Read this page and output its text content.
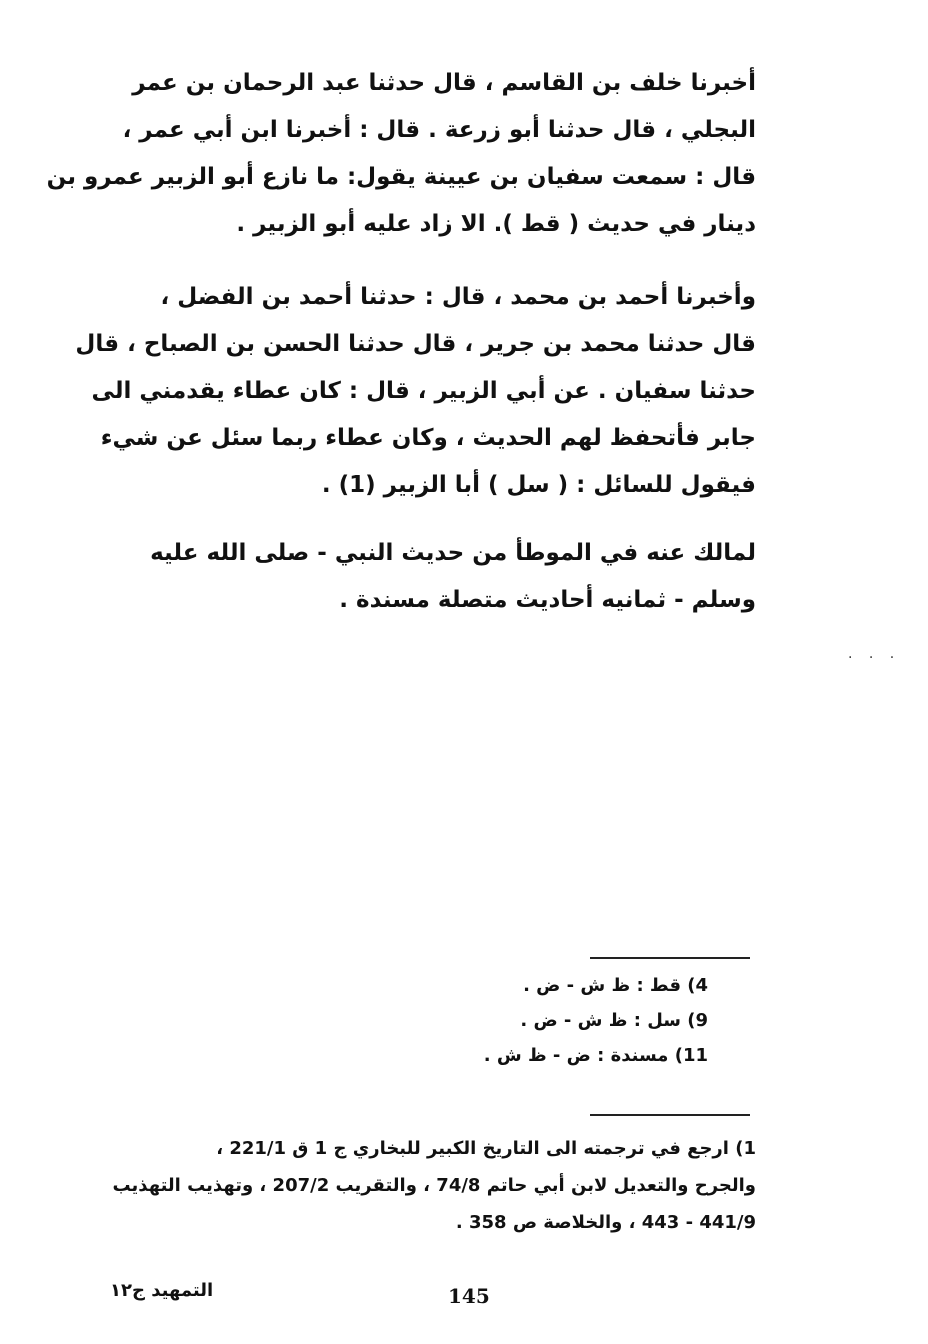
أخبرنا خلف بن القاسم ، قال حدثنا عبد الرحمان بن عمر
البجلي ، قال حدثنا أبو زرعة . قال : أخبرنا ابن أبي عمر ،
قال : سمعت سفيان بن عيينة يقول: ما نازع أبو الزبير عمرو بن
دينار في حديث ( قط ). الا زاد عليه أبو الزبير .
وأخبرنا أحمد بن محمد ، قال : حدثنا أحمد بن الفضل ،
قال حدثنا محمد بن جرير ، قال حدثنا الحسن بن الصباح ، قال
حدثنا سفيان . عن أبي الزبير ، قال : كان عطاء يقدمني الى
جابر فأتحفظ لهم الحديث ، وكان عطاء ربما سئل عن شيء
فيقول للسائل : ( سل ) أبا الزبير (1) .
لمالك عنه في الموطأ من حديث النبي - صلى الله عليه
وسلم - ثمانيه أحاديث متصلة مسندة .
. . .
4) قط : ظ ش - ض .
9) سل : ظ ش - ض .
11) مسندة : ض - ظ ش .
1) ارجع في ترجمته الى التاريخ الكبير للبخاري ج 1 ق 221/1 ،
والجرح والتعديل لابن أبي حاتم 74/8 ، والتقريب 207/2 ، وتهذيب التهذيب
441/9 - 443 ، والخلاصة ص 358 .
التمهيد ج١٢	145
